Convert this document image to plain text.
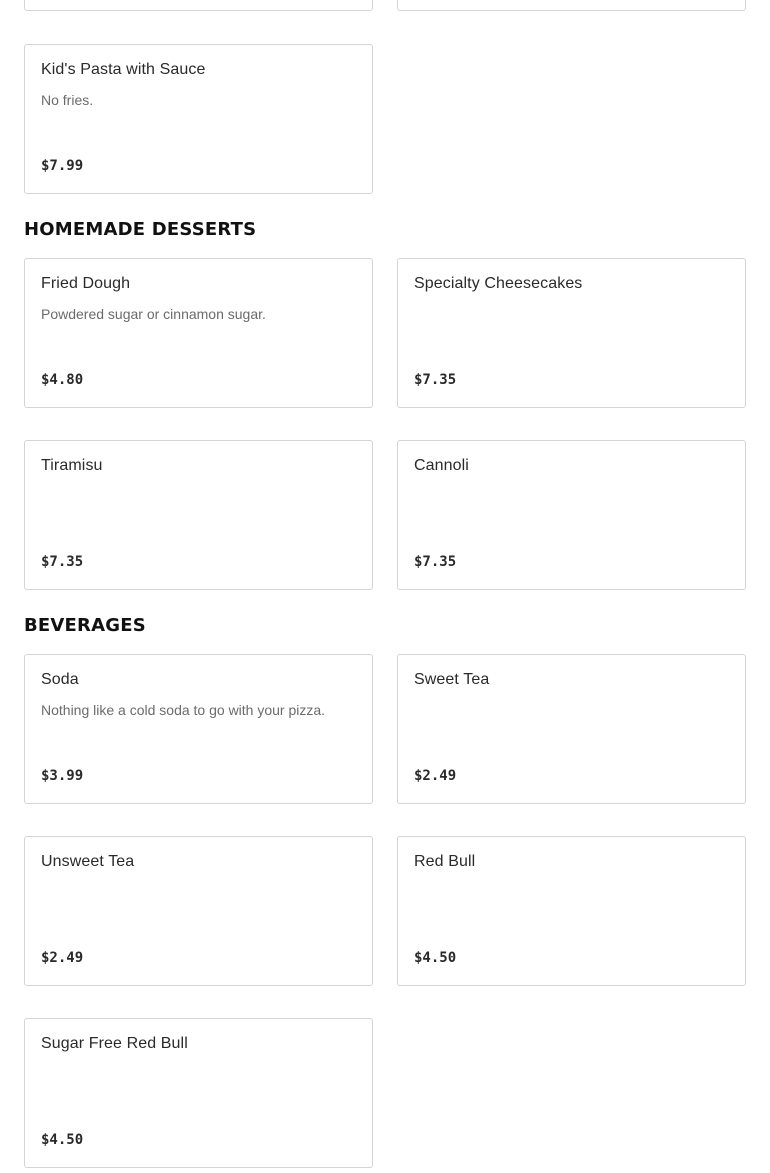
Kid's Pasta with Sauce
No fries.
$7.99
HOMEMADE DESSERTS
Fried Dough
Powdered sugar or cinnamon sugar.
$4.80
Specialty Cheesecakes
$7.35
Tiramisu
$7.35
Cannoli
$7.35
BEVERAGES
Soda
Nothing like a cold soda to go with your pizza.
$3.99
Sweet Tea
$2.49
Unsweet Tea
$2.49
Red Bull
$4.50
Sugar Free Red Bull
$4.50
